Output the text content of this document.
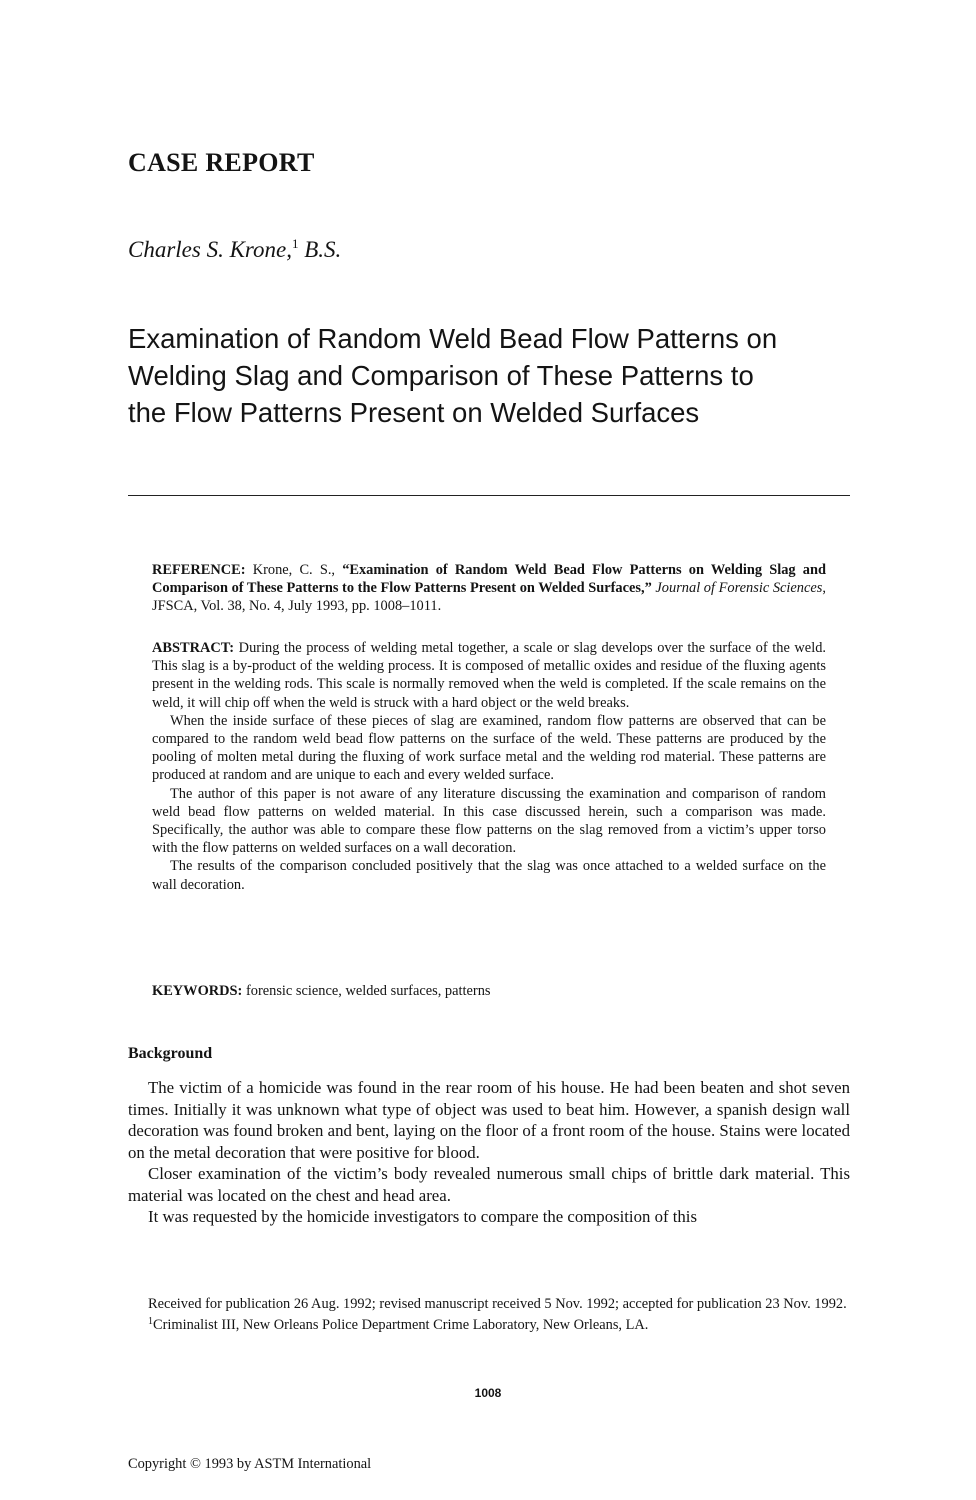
CASE REPORT

Charles S. Krone,$^1$ B.S.

Examination of Random Weld Bead Flow Patterns on
Welding Slag and Comparison of These Patterns to
the Flow Patterns Present on Welded Surfaces

REFERENCE: Krone, C. S., “Examination of Random Weld Bead Flow Patterns on Welding Slag and Comparison of These Patterns to the Flow Patterns Present on Welded Surfaces,” Journal of Forensic Sciences, JFSCA, Vol. 38, No. 4, July 1993, pp. 1008–1011.

ABSTRACT: During the process of welding metal together, a scale or slag develops over the surface of the weld. This slag is a by-product of the welding process. It is composed of metallic oxides and residue of the fluxing agents present in the welding rods. This scale is normally removed when the weld is completed. If the scale remains on the weld, it will chip off when the weld is struck with a hard object or the weld breaks.

When the inside surface of these pieces of slag are examined, random flow patterns are observed that can be compared to the random weld bead flow patterns on the surface of the weld. These patterns are produced by the pooling of molten metal during the fluxing of work surface metal and the welding rod material. These patterns are produced at random and are unique to each and every welded surface.

The author of this paper is not aware of any literature discussing the examination and comparison of random weld bead flow patterns on welded material. In this case discussed herein, such a comparison was made. Specifically, the author was able to compare these flow patterns on the slag removed from a victim’s upper torso with the flow patterns on welded surfaces on a wall decoration.

The results of the comparison concluded positively that the slag was once attached to a welded surface on the wall decoration.

KEYWORDS: forensic science, welded surfaces, patterns

Background

The victim of a homicide was found in the rear room of his house. He had been beaten and shot seven times. Initially it was unknown what type of object was used to beat him. However, a spanish design wall decoration was found broken and bent, laying on the floor of a front room of the house. Stains were located on the metal decoration that were positive for blood.

Closer examination of the victim’s body revealed numerous small chips of brittle dark material. This material was located on the chest and head area.

It was requested by the homicide investigators to compare the composition of this

Received for publication 26 Aug. 1992; revised manuscript received 5 Nov. 1992; accepted for publication 23 Nov. 1992.

$^1$Criminalist III, New Orleans Police Department Crime Laboratory, New Orleans, LA.

1008
Copyright © 1993 by ASTM International
